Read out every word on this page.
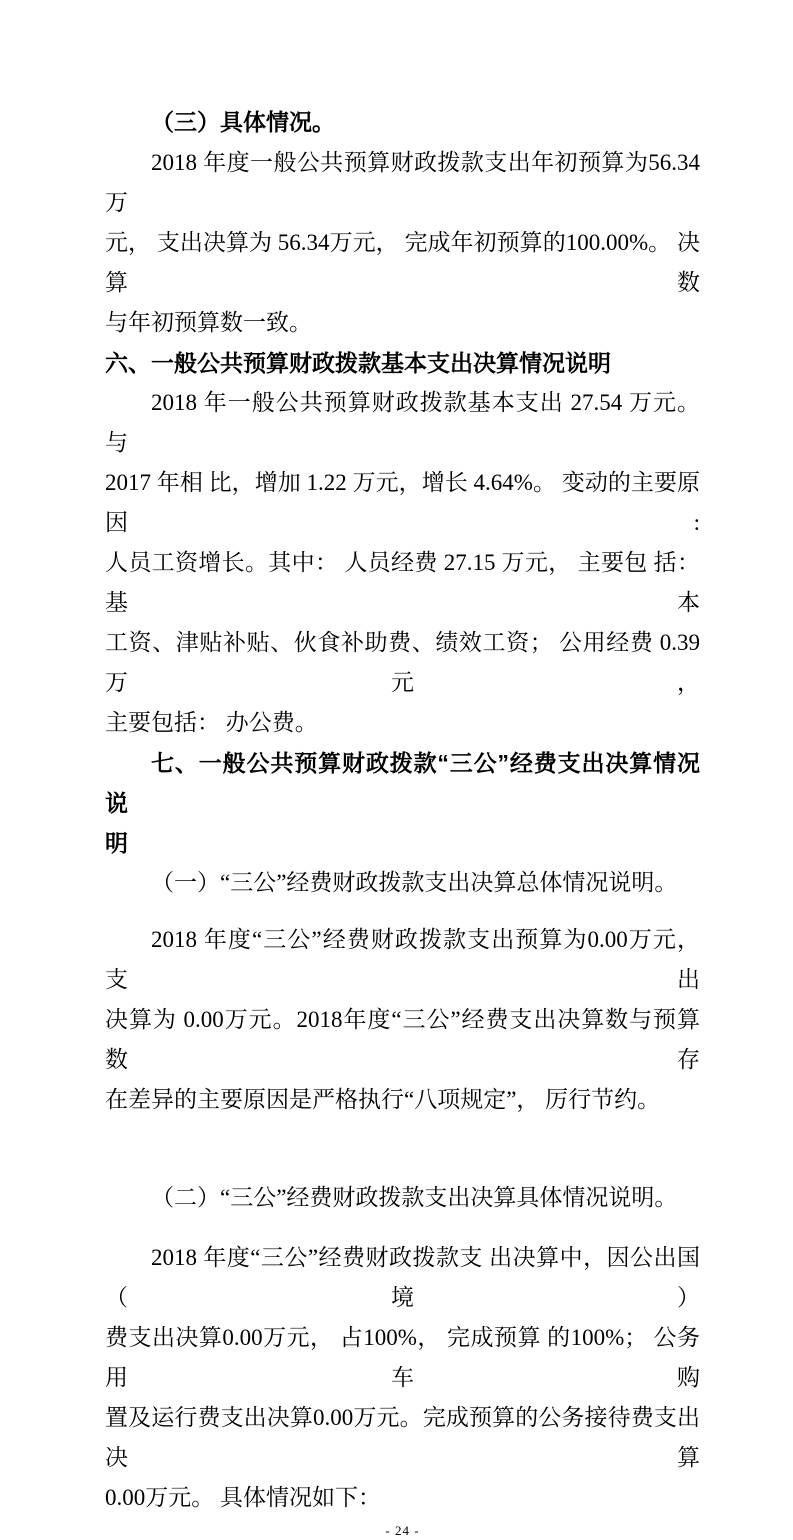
（三）具体情况。
2018 年度一般公共预算财政拨款支出年初预算为56.34万
元， 支出决算为 56.34万元， 完成年初预算的100.00%。 决算数
与年初预算数一致。
六、一般公共预算财政拨款基本支出决算情况说明
2018 年一般公共预算财政拨款基本支出 27.54 万元。 与
2017 年相 比，增加 1.22 万元，增长 4.64%。 变动的主要原因:
人员工资增长。其中： 人员经费 27.15 万元， 主要包 括： 基本
工资、津贴补贴、伙食补助费、绩效工资； 公用经费 0.39 万元，
主要包括： 办公费。
七、一般公共预算财政拨款“三公”经费支出决算情况说
明
（一）“三公”经费财政拨款支出决算总体情况说明。
2018 年度“三公”经费财政拨款支出预算为0.00万元， 支出
决算为 0.00万元。2018年度“三公”经费支出决算数与预算数存
在差异的主要原因是严格执行“八项规定”， 厉行节约。
（二）“三公”经费财政拨款支出决算具体情况说明。
2018 年度“三公”经费财政拨款支 出决算中，因公出国（境）
费支出决算0.00万元， 占100%， 完成预算 的100%； 公务用车购
置及运行费支出决算0.00万元。完成预算的公务接待费支出决算
0.00万元。 具体情况如下：
- 24 -
